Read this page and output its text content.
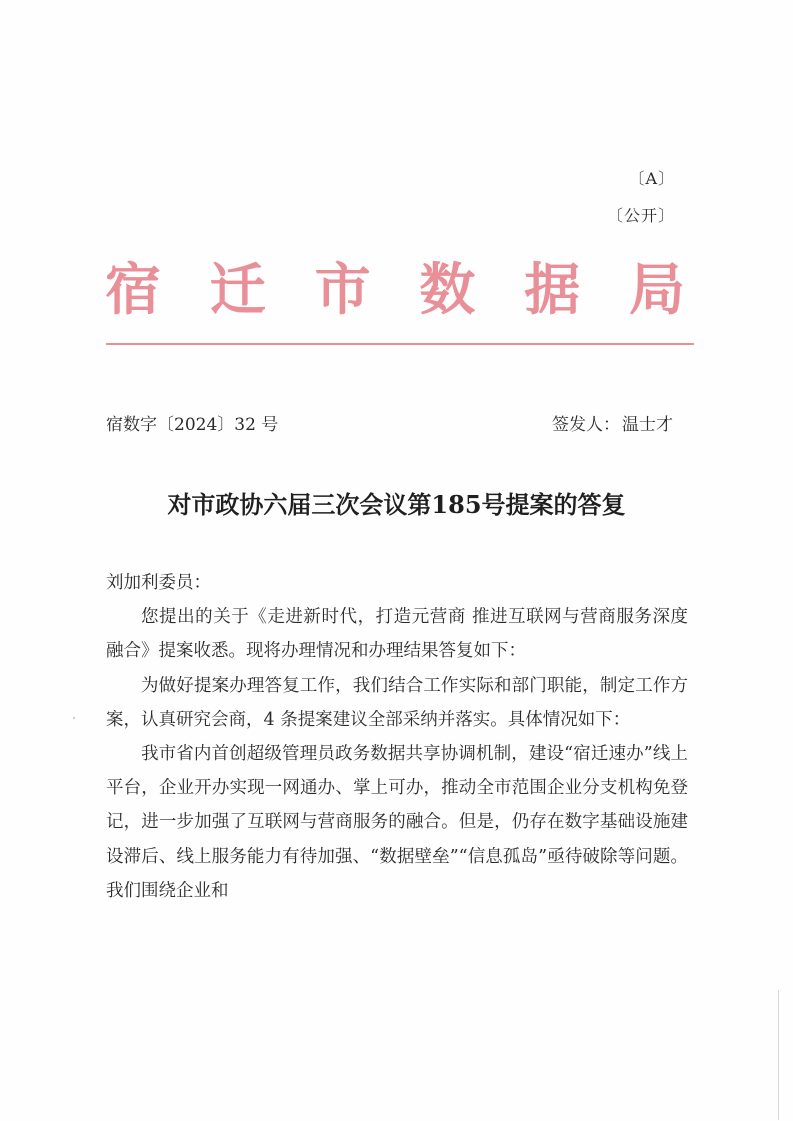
〔A〕
〔公开〕
宿迁市数据局
宿数字〔2024〕32 号	签发人： 温士才
对市政协六届三次会议第185号提案的答复

刘加利委员：

您提出的关于《走进新时代，打造元营商 推进互联网与营商服务深度融合》提案收悉。现将办理情况和办理结果答复如下：

为做好提案办理答复工作，我们结合工作实际和部门职能，制定工作方案，认真研究会商，4 条提案建议全部采纳并落实。具体情况如下：

我市省内首创超级管理员政务数据共享协调机制，建设“宿迁速办”线上平台，企业开办实现一网通办、掌上可办，推动全市范围企业分支机构免登记，进一步加强了互联网与营商服务的融合。但是，仍存在数字基础设施建设滞后、线上服务能力有待加强、“数据壁垒”“信息孤岛”亟待破除等问题。我们围绕企业和
